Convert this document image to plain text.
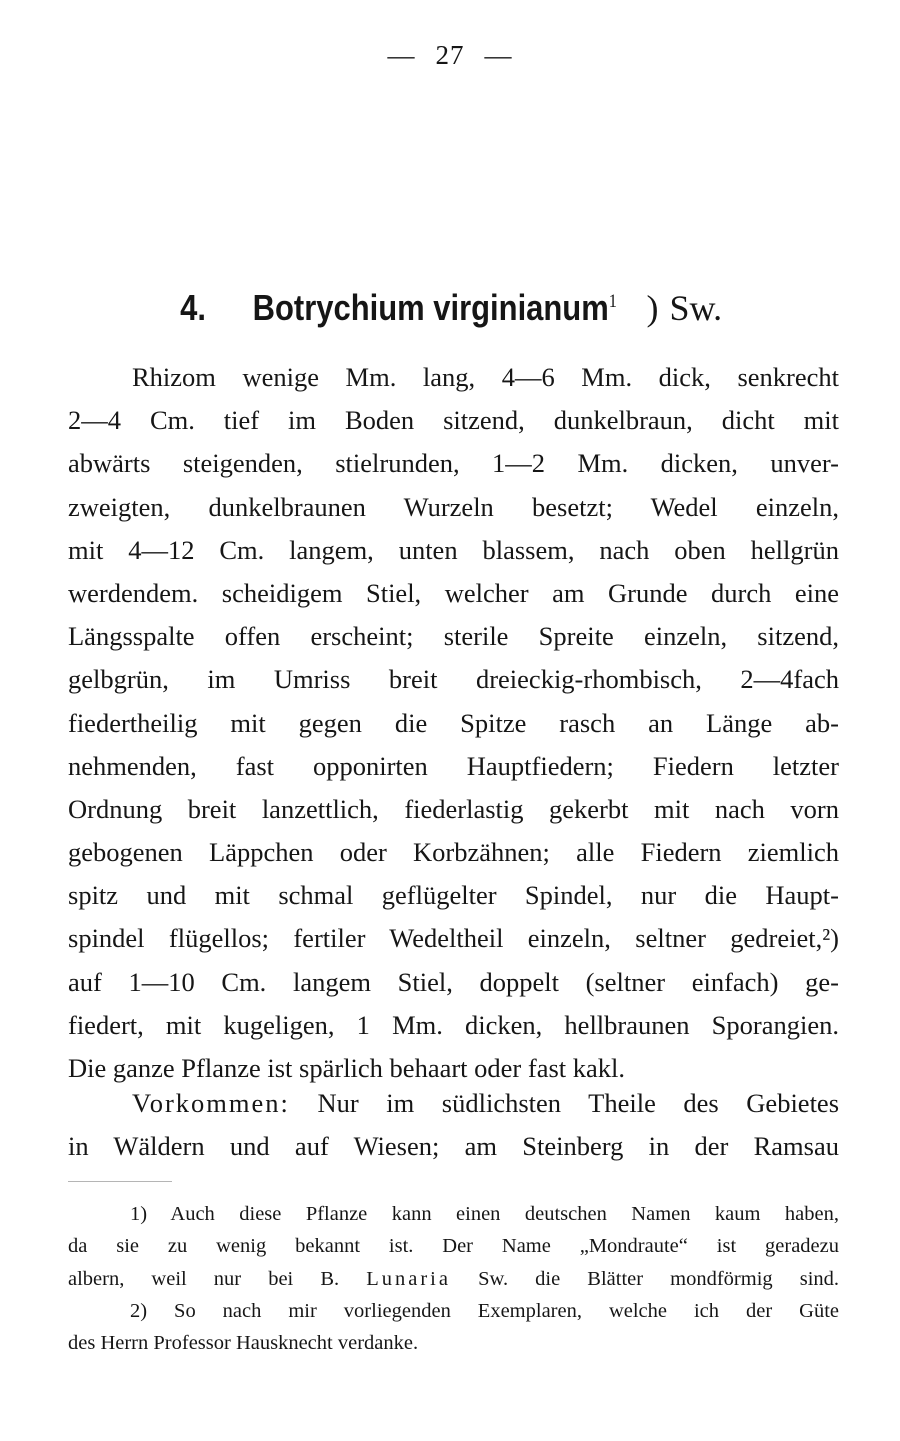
— 27 —
4. Botrychium virginianum$^1$ ) Sw.
Rhizom wenige Mm. lang, 4—6 Mm. dick, senkrecht
2—4 Cm. tief im Boden sitzend, dunkelbraun, dicht mit
abwärts steigenden, stielrunden, 1—2 Mm. dicken, unver-
zweigten, dunkelbraunen Wurzeln besetzt; Wedel einzeln,
mit 4—12 Cm. langem, unten blassem, nach oben hellgrün
werdendem. scheidigem Stiel, welcher am Grunde durch eine
Längsspalte offen erscheint; sterile Spreite einzeln, sitzend,
gelbgrün, im Umriss breit dreieckig-rhombisch, 2—4fach
fiedertheilig mit gegen die Spitze rasch an Länge ab-
nehmenden, fast opponirten Hauptfiedern; Fiedern letzter
Ordnung breit lanzettlich, fiederlastig gekerbt mit nach vorn
gebogenen Läppchen oder Korbzähnen; alle Fiedern ziemlich
spitz und mit schmal geflügelter Spindel, nur die Haupt-
spindel flügellos; fertiler Wedeltheil einzeln, seltner gedreiet,²)
auf 1—10 Cm. langem Stiel, doppelt (seltner einfach) ge-
fiedert, mit kugeligen, 1 Mm. dicken, hellbraunen Sporangien.
Die ganze Pflanze ist spärlich behaart oder fast kakl.
Vorkommen: Nur im südlichsten Theile des Gebietes
in Wäldern und auf Wiesen; am Steinberg in der Ramsau
1) Auch diese Pflanze kann einen deutschen Namen kaum haben,
da sie zu wenig bekannt ist. Der Name „Mondraute“ ist geradezu
albern, weil nur bei B. Lunaria Sw. die Blätter mondförmig sind.
2) So nach mir vorliegenden Exemplaren, welche ich der Güte
des Herrn Professor Hausknecht verdanke.
